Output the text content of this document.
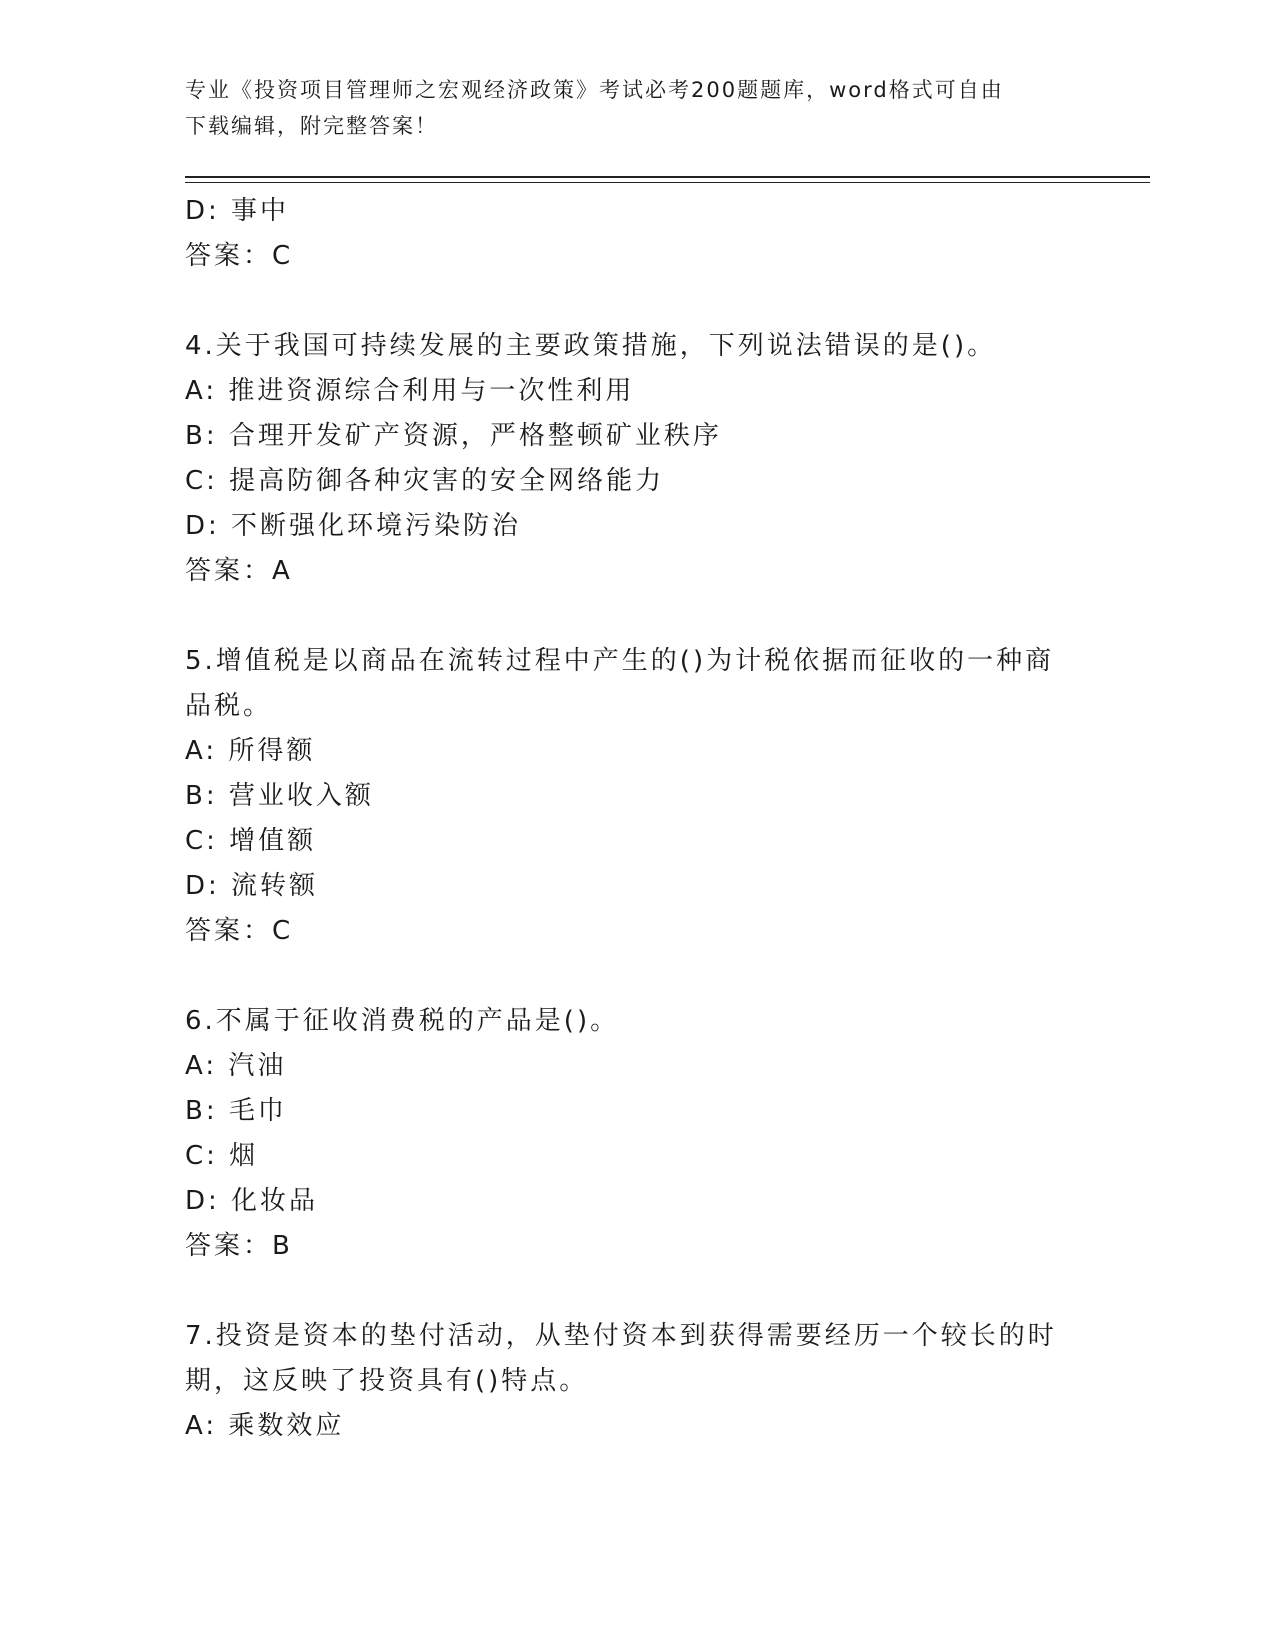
专业《投资项目管理师之宏观经济政策》考试必考200题题库，word格式可自由
下载编辑，附完整答案！
D: 事中
答案：C
4.关于我国可持续发展的主要政策措施，下列说法错误的是()。
A: 推进资源综合利用与一次性利用
B: 合理开发矿产资源，严格整顿矿业秩序
C: 提高防御各种灾害的安全网络能力
D: 不断强化环境污染防治
答案：A
5.增值税是以商品在流转过程中产生的()为计税依据而征收的一种商
品税。
A: 所得额
B: 营业收入额
C: 增值额
D: 流转额
答案：C
6.不属于征收消费税的产品是()。
A: 汽油
B: 毛巾
C: 烟
D: 化妆品
答案：B
7.投资是资本的垫付活动，从垫付资本到获得需要经历一个较长的时
期，这反映了投资具有()特点。
A: 乘数效应
